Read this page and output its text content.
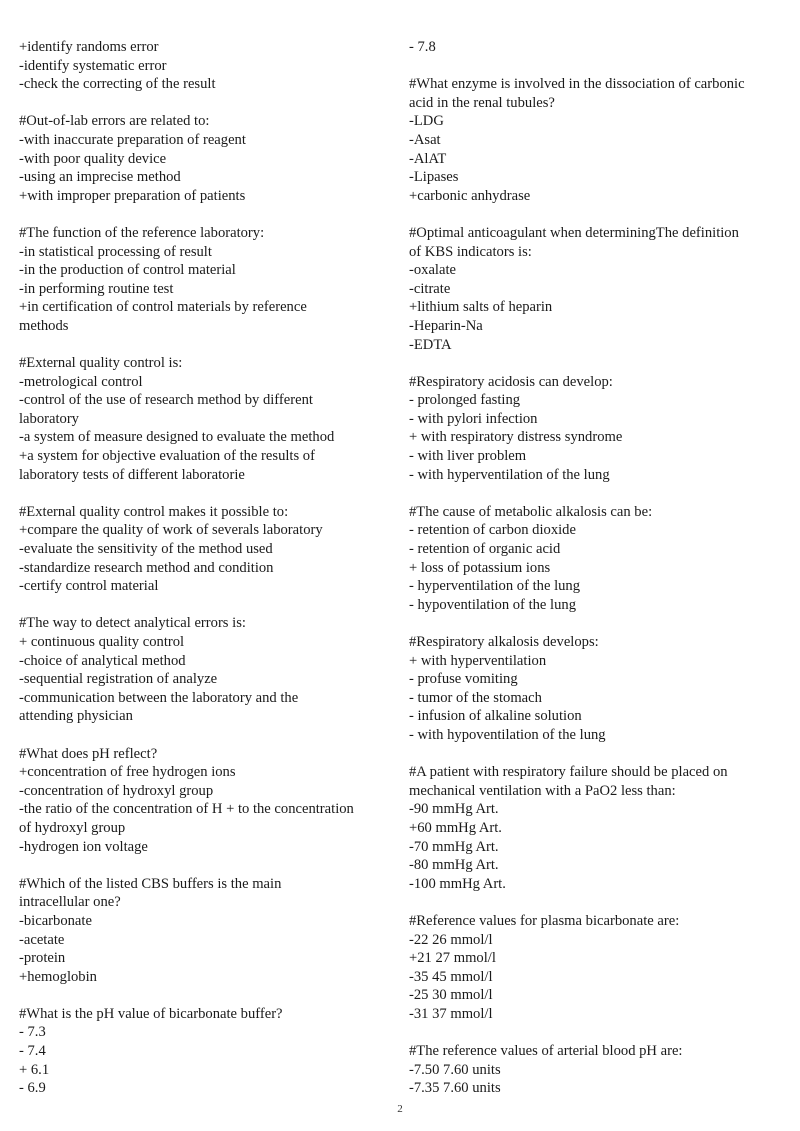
+identify randoms error
-identify systematic error
-check the correcting of the result
#Out-of-lab errors are related to:
-with inaccurate preparation of reagent
-with poor quality device
-using an imprecise method
+with improper preparation of patients
#The function of the reference laboratory:
-in statistical processing of result
-in the production of control material
-in performing routine test
+in certification of control materials by reference
methods
#External quality control is:
-metrological control
-control of the use of research method by different
laboratory
-a system of measure designed to evaluate the method
+a system for objective evaluation of the results of
laboratory tests of different laboratorie
#External quality control makes it possible to:
+compare the quality of work of severals laboratory
-evaluate the sensitivity of the method used
-standardize research method and condition
-certify control material
#The way to detect analytical errors is:
+ continuous quality control
-choice of analytical method
-sequential registration of analyze
-communication between the laboratory and the
attending physician
#What does pH reflect?
+concentration of free hydrogen ions
-concentration of hydroxyl group
-the ratio of the concentration of H + to the concentration
of hydroxyl group
-hydrogen ion voltage
#Which of the listed CBS buffers is the main
intracellular one?
-bicarbonate
-acetate
-protein
+hemoglobin
#What is the pH value of bicarbonate buffer?
- 7.3
- 7.4
+ 6.1
- 6.9
- 7.8
#What enzyme is involved in the dissociation of carbonic
acid in the renal tubules?
-LDG
-Asat
-AlAT
-Lipases
+carbonic anhydrase
#Optimal anticoagulant when determiningThe definition
of KBS indicators is:
-oxalate
-citrate
+lithium salts of heparin
-Heparin-Na
-EDTA
#Respiratory acidosis can develop:
- prolonged fasting
- with pylori infection
+ with respiratory distress syndrome
- with liver problem
- with hyperventilation of the lung
#The cause of metabolic alkalosis can be:
- retention of carbon dioxide
- retention of organic acid
+ loss of potassium ions
- hyperventilation of the lung
- hypoventilation of the lung
#Respiratory alkalosis develops:
+ with hyperventilation
- profuse vomiting
- tumor of the stomach
- infusion of alkaline solution
- with hypoventilation of the lung
#A patient with respiratory failure should be placed on
mechanical ventilation with a PaO2 less than:
-90 mmHg Art.
+60 mmHg Art.
-70 mmHg Art.
-80 mmHg Art.
-100 mmHg Art.
#Reference values for plasma bicarbonate are:
-22 26 mmol/l
+21 27 mmol/l
-35 45 mmol/l
-25 30 mmol/l
-31 37 mmol/l
#The reference values of arterial blood pH are:
-7.50 7.60 units
-7.35 7.60 units
2
